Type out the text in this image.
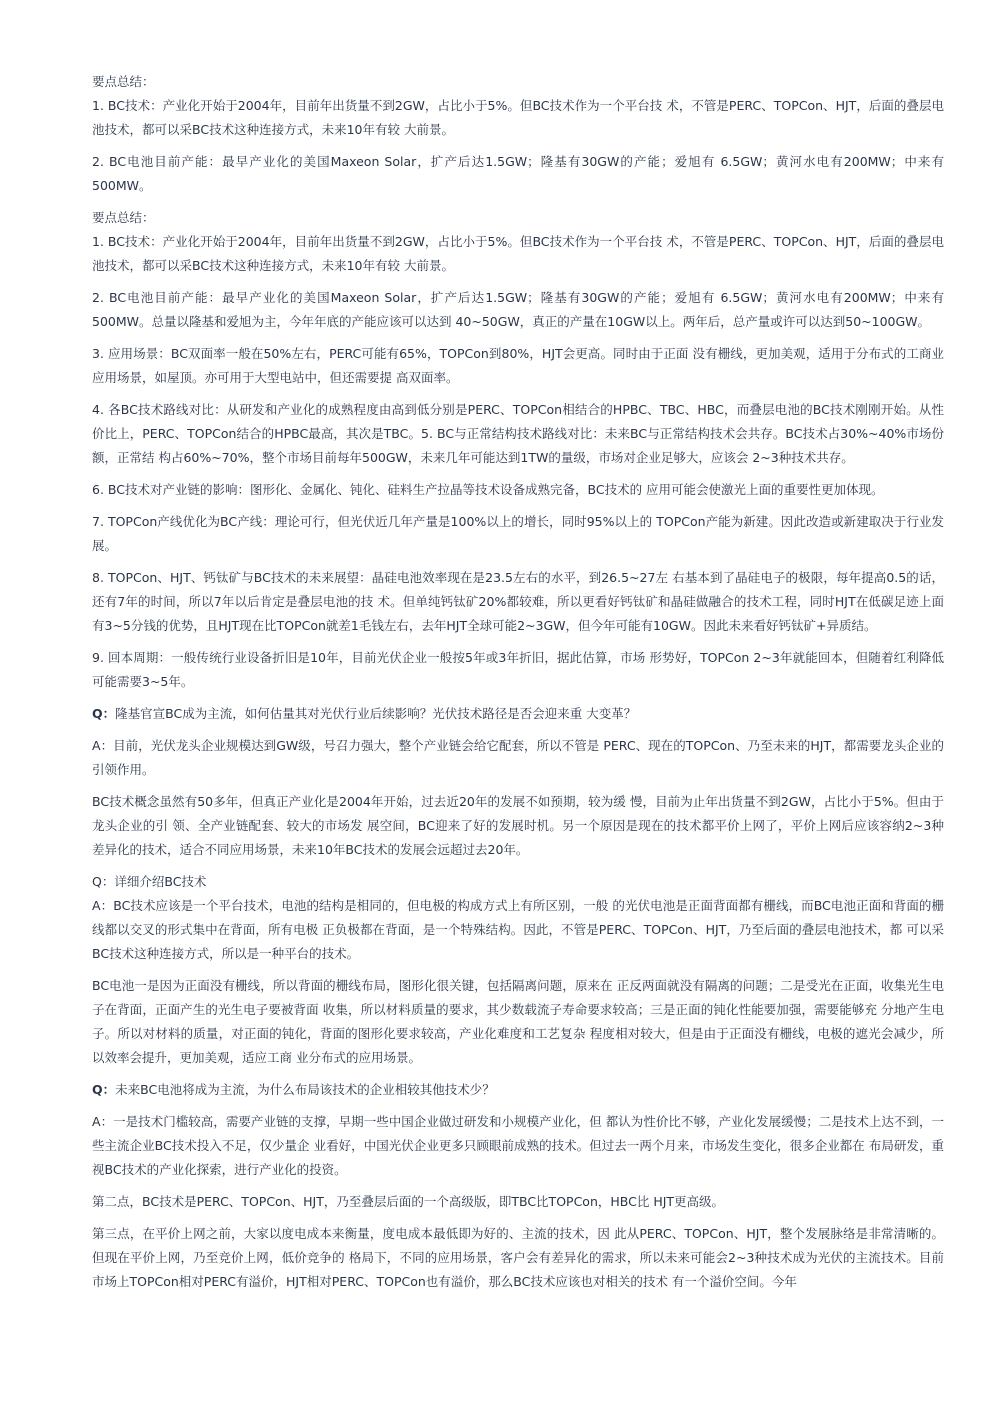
要点总结：

1. BC技术：产业化开始于2004年，目前年出货量不到2GW，占比小于5%。但BC技术作为一个平台技 术，不管是PERC、TOPCon、HJT，后面的叠层电池技术，都可以采BC技术这种连接方式，未来10年有较 大前景。

2. BC电池目前产能：最早产业化的美国Maxeon Solar，扩产后达1.5GW；隆基有30GW的产能；爱旭有 6.5GW；黄河水电有200MW；中来有500MW。

要点总结：

1. BC技术：产业化开始于2004年，目前年出货量不到2GW，占比小于5%。但BC技术作为一个平台技 术，不管是PERC、TOPCon、HJT，后面的叠层电池技术，都可以采BC技术这种连接方式，未来10年有较 大前景。

2. BC电池目前产能：最早产业化的美国Maxeon Solar，扩产后达1.5GW；隆基有30GW的产能；爱旭有 6.5GW；黄河水电有200MW；中来有500MW。总量以隆基和爱旭为主，今年年底的产能应该可以达到 40~50GW，真正的产量在10GW以上。两年后，总产量或许可以达到50~100GW。

3. 应用场景：BC双面率一般在50%左右，PERC可能有65%，TOPCon到80%，HJT会更高。同时由于正面 没有栅线，更加美观，适用于分布式的工商业应用场景，如屋顶。亦可用于大型电站中，但还需要提 高双面率。

4. 各BC技术路线对比：从研发和产业化的成熟程度由高到低分别是PERC、TOPCon相结合的HPBC、TBC、HBC，而叠层电池的BC技术刚刚开始。从性价比上，PERC、TOPCon结合的HPBC最高，其次是TBC。5. BC与正常结构技术路线对比：未来BC与正常结构技术会共存。BC技术占30%~40%市场份额，正常结 构占60%~70%，整个市场目前每年500GW，未来几年可能达到1TW的量级，市场对企业足够大，应该会 2~3种技术共存。

6. BC技术对产业链的影响：图形化、金属化、钝化、硅料生产拉晶等技术设备成熟完备，BC技术的 应用可能会使激光上面的重要性更加体现。

7. TOPCon产线优化为BC产线：理论可行，但光伏近几年产量是100%以上的增长，同时95%以上的 TOPCon产能为新建。因此改造或新建取决于行业发展。

8. TOPCon、HJT、钙钛矿与BC技术的未来展望：晶硅电池效率现在是23.5左右的水平，到26.5~27左 右基本到了晶硅电子的极限，每年提高0.5的话，还有7年的时间，所以7年以后肯定是叠层电池的技 术。但单纯钙钛矿20%都较难，所以更看好钙钛矿和晶硅做融合的技术工程，同时HJT在低碳足迹上面 有3~5分钱的优势，且HJT现在比TOPCon就差1毛钱左右，去年HJT全球可能2~3GW，但今年可能有10GW。因此未来看好钙钛矿+异质结。

9. 回本周期：一般传统行业设备折旧是10年，目前光伏企业一般按5年或3年折旧，据此估算，市场 形势好，TOPCon 2~3年就能回本，但随着红利降低可能需要3~5年。

Q：隆基官宣BC成为主流，如何估量其对光伏行业后续影响？光伏技术路径是否会迎来重 大变革？

A：目前，光伏龙头企业规模达到GW级，号召力强大，整个产业链会给它配套，所以不管是 PERC、现在的TOPCon、乃至未来的HJT，都需要龙头企业的引领作用。

BC技术概念虽然有50多年，但真正产业化是2004年开始，过去近20年的发展不如预期，较为缓 慢，目前为止年出货量不到2GW，占比小于5%。但由于龙头企业的引 领、全产业链配套、较大的市场发 展空间，BC迎来了好的发展时机。另一个原因是现在的技术都平价上网了，平价上网后应该容纳2~3种 差异化的技术，适合不同应用场景，未来10年BC技术的发展会远超过去20年。

Q：详细介绍BC技术

A：BC技术应该是一个平台技术，电池的结构是相同的，但电极的构成方式上有所区别，一般 的光伏电池是正面背面都有栅线，而BC电池正面和背面的栅线都以交叉的形式集中在背面，所有电极 正负极都在背面，是一个特殊结构。因此，不管是PERC、TOPCon、HJT，乃至后面的叠层电池技术，都 可以采BC技术这种连接方式，所以是一种平台的技术。

BC电池一是因为正面没有栅线，所以背面的栅线布局，图形化很关键，包括隔离问题，原来在 正反两面就没有隔离的问题；二是受光在正面，收集光生电子在背面，正面产生的光生电子要被背面 收集，所以材料质量的要求，其少数载流子寿命要求较高；三是正面的钝化性能要加强，需要能够充 分地产生电子。所以对材料的质量，对正面的钝化，背面的图形化要求较高，产业化难度和工艺复杂 程度相对较大，但是由于正面没有栅线，电极的遮光会减少，所以效率会提升，更加美观，适应工商 业分布式的应用场景。

Q：未来BC电池将成为主流，为什么布局该技术的企业相较其他技术少？

A：一是技术门槛较高，需要产业链的支撑，早期一些中国企业做过研发和小规模产业化，但 都认为性价比不够，产业化发展缓慢；二是技术上达不到，一些主流企业BC技术投入不足，仅少量企 业看好，中国光伏企业更多只顾眼前成熟的技术。但过去一两个月来，市场发生变化，很多企业都在 布局研发，重视BC技术的产业化探索，进行产业化的投资。

第二点，BC技术是PERC、TOPCon、HJT，乃至叠层后面的一个高级版，即TBC比TOPCon，HBC比 HJT更高级。

第三点，在平价上网之前，大家以度电成本来衡量，度电成本最低即为好的、主流的技术，因 此从PERC、TOPCon、HJT，整个发展脉络是非常清晰的。但现在平价上网，乃至竞价上网，低价竞争的 格局下，不同的应用场景，客户会有差异化的需求，所以未来可能会2~3种技术成为光伏的主流技术。目前市场上TOPCon相对PERC有溢价，HJT相对PERC、TOPCon也有溢价，那么BC技术应该也对相关的技术 有一个溢价空间。今年
